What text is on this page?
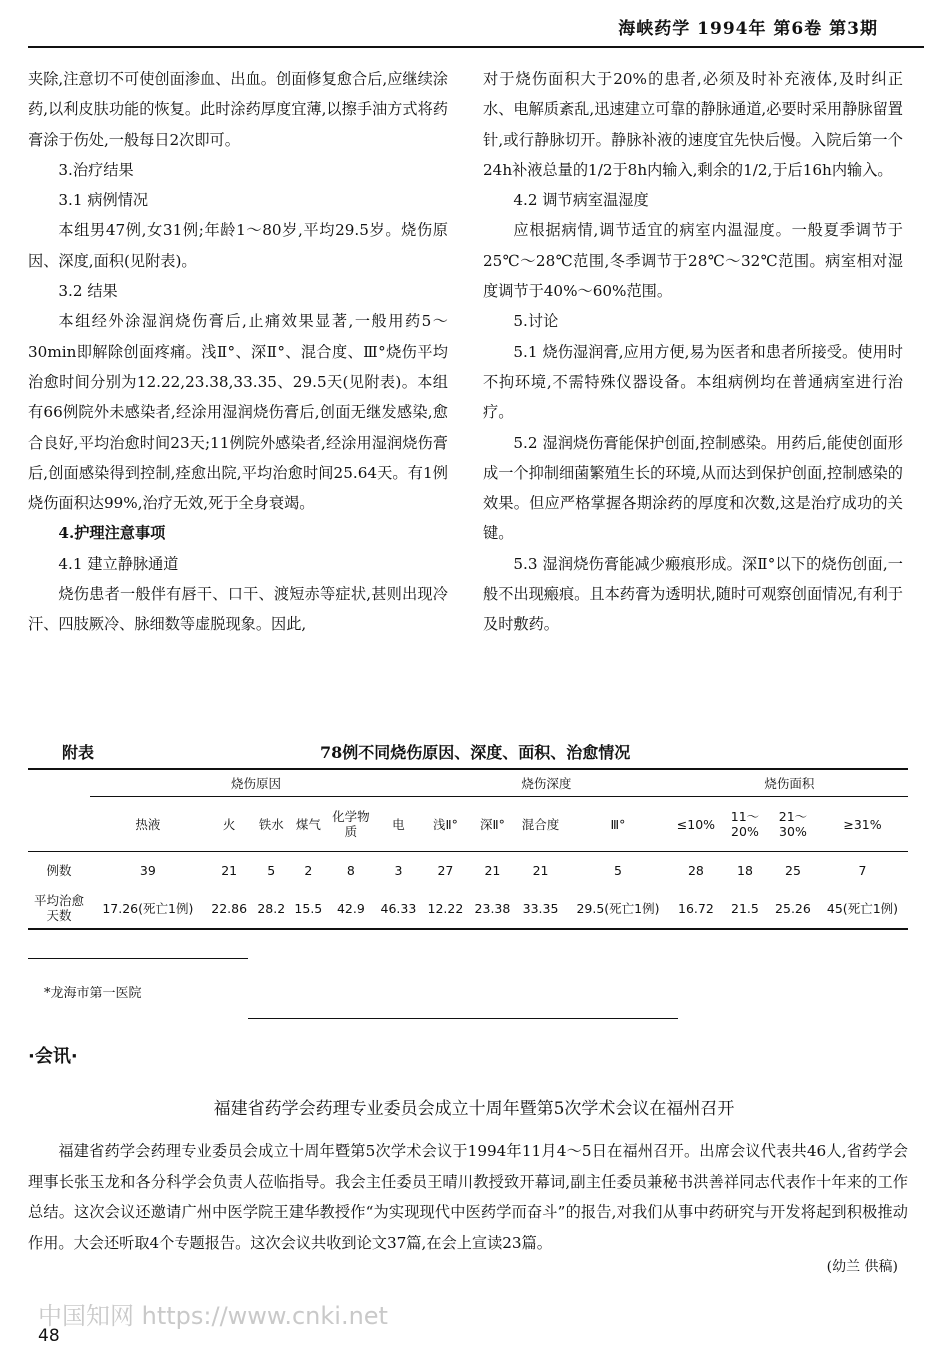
海峡药学 1994年 第6卷 第3期

夹除,注意切不可使创面渗血、出血。创面修复愈合后,应继续涂药,以利皮肤功能的恢复。此时涂药厚度宜薄,以擦手油方式将药膏涂于伤处,一般每日2次即可。

3.治疗结果

3.1 病例情况

本组男47例,女31例;年龄1～80岁,平均29.5岁。烧伤原因、深度,面积(见附表)。

3.2 结果

本组经外涂湿润烧伤膏后,止痛效果显著,一般用药5～30min即解除创面疼痛。浅Ⅱ°、深Ⅱ°、混合度、Ⅲ°烧伤平均治愈时间分别为12.22,23.38,33.35、29.5天(见附表)。本组有66例院外未感染者,经涂用湿润烧伤膏后,创面无继发感染,愈合良好,平均治愈时间23天;11例院外感染者,经涂用湿润烧伤膏后,创面感染得到控制,痊愈出院,平均治愈时间25.64天。有1例烧伤面积达99%,治疗无效,死于全身衰竭。

4.护理注意事项

4.1 建立静脉通道

烧伤患者一般伴有唇干、口干、渡短赤等症状,甚则出现冷汗、四肢厥冷、脉细数等虚脱现象。因此,

对于烧伤面积大于20%的患者,必须及时补充液体,及时纠正水、电解质紊乱,迅速建立可靠的静脉通道,必要时采用静脉留置针,或行静脉切开。静脉补液的速度宜先快后慢。入院后第一个24h补液总量的1/2于8h内输入,剩余的1/2,于后16h内输入。

4.2 调节病室温湿度

应根据病情,调节适宜的病室内温湿度。一般夏季调节于25℃～28℃范围,冬季调节于28℃～32℃范围。病室相对湿度调节于40%～60%范围。

5.讨论

5.1 烧伤湿润膏,应用方便,易为医者和患者所接受。使用时不拘环境,不需特殊仪器设备。本组病例均在普通病室进行治疗。

5.2 湿润烧伤膏能保护创面,控制感染。用药后,能使创面形成一个抑制细菌繁殖生长的环境,从而达到保护创面,控制感染的效果。但应严格掌握各期涂药的厚度和次数,这是治疗成功的关键。

5.3 湿润烧伤膏能减少瘢痕形成。深Ⅱ°以下的烧伤创面,一般不出现瘢痕。且本药膏为透明状,随时可观察创面情况,有利于及时敷药。

附表	78例不同烧伤原因、深度、面积、治愈情况
	烧伤原因						烧伤深度				烧伤面积			
	热液	火	铁水	煤气	化学物质	电	浅Ⅱ°	深Ⅱ°	混合度	Ⅲ°	≤10%	11～20%	21～30%	≥31%
例数	39	21	5	2	8	3	27	21	21	5	28	18	25	7
平均治愈天数	17.26(死亡1例)	22.86	28.2	15.5	42.9	46.33	12.22	23.38	33.35	29.5(死亡1例)	16.72	21.5	25.26	45(死亡1例)
*龙海市第一医院
·会讯·
福建省药学会药理专业委员会成立十周年暨第5次学术会议在福州召开

福建省药学会药理专业委员会成立十周年暨第5次学术会议于1994年11月4～5日在福州召开。出席会议代表共46人,省药学会理事长张玉龙和各分科学会负责人莅临指导。我会主任委员王晴川教授致开幕词,副主任委员兼秘书洪善祥同志代表作十年来的工作总结。这次会议还邀请广州中医学院王建华教授作“为实现现代中医药学而奋斗”的报告,对我们从事中药研究与开发将起到积极推动作用。大会还听取4个专题报告。这次会议共收到论文37篇,在会上宣读23篇。

(幼兰 供稿)
中国知网 https://www.cnki.net
48
